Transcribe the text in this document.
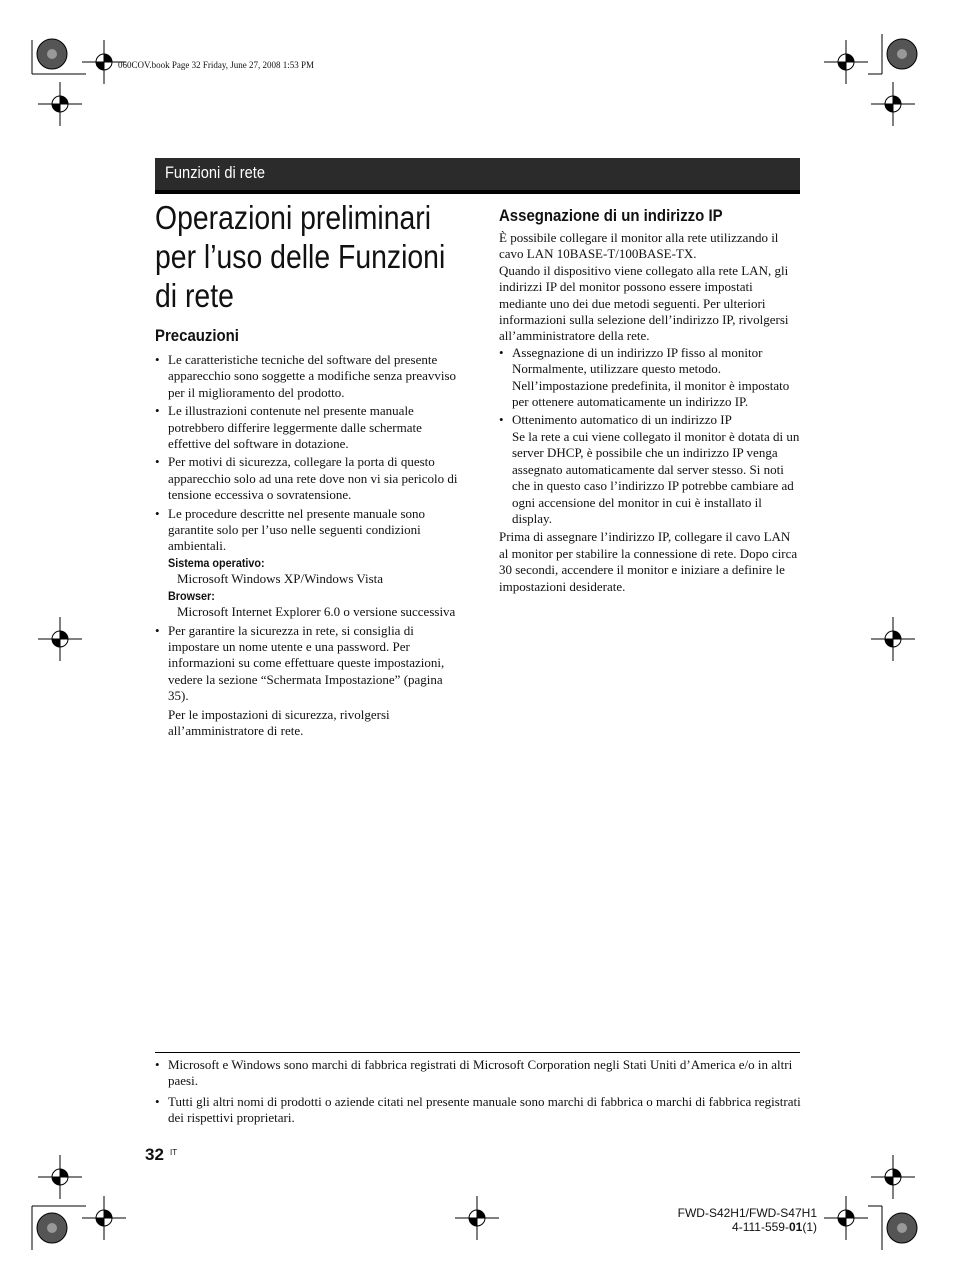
060COV.book Page 32 Friday, June 27, 2008 1:53 PM
Funzioni di rete
Operazioni preliminari
per l’uso delle Funzioni
di rete
Precauzioni
• Le caratteristiche tecniche del software del presente apparecchio sono soggette a modifiche senza preavviso per il miglioramento del prodotto.
• Le illustrazioni contenute nel presente manuale potrebbero differire leggermente dalle schermate effettive del software in dotazione.
• Per motivi di sicurezza, collegare la porta di questo apparecchio solo ad una rete dove non vi sia pericolo di tensione eccessiva o sovratensione.
• Le procedure descritte nel presente manuale sono garantite solo per l’uso nelle seguenti condizioni ambientali.
Sistema operativo:
Microsoft Windows XP/Windows Vista
Browser:
Microsoft Internet Explorer 6.0 o versione successiva
• Per garantire la sicurezza in rete, si consiglia di impostare un nome utente e una password. Per informazioni su come effettuare queste impostazioni, vedere la sezione “Schermata Impostazione” (pagina 35).

Per le impostazioni di sicurezza, rivolgersi all’amministratore di rete.

Assegnazione di un indirizzo IP

È possibile collegare il monitor alla rete utilizzando il cavo LAN 10BASE-T/100BASE-TX.

Quando il dispositivo viene collegato alla rete LAN, gli indirizzi IP del monitor possono essere impostati mediante uno dei due metodi seguenti. Per ulteriori informazioni sulla selezione dell’indirizzo IP, rivolgersi all’amministratore della rete.

• Assegnazione di un indirizzo IP fisso al monitor
Normalmente, utilizzare questo metodo. Nell’impostazione predefinita, il monitor è impostato per ottenere automaticamente un indirizzo IP.
• Ottenimento automatico di un indirizzo IP
Se la rete a cui viene collegato il monitor è dotata di un server DHCP, è possibile che un indirizzo IP venga assegnato automaticamente dal server stesso. Si noti che in questo caso l’indirizzo IP potrebbe cambiare ad ogni accensione del monitor in cui è installato il display.

Prima di assegnare l’indirizzo IP, collegare il cavo LAN al monitor per stabilire la connessione di rete. Dopo circa 30 secondi, accendere il monitor e iniziare a definire le impostazioni desiderate.

• Microsoft e Windows sono marchi di fabbrica registrati di Microsoft Corporation negli Stati Uniti d’America e/o in altri paesi.
• Tutti gli altri nomi di prodotti o aziende citati nel presente manuale sono marchi di fabbrica o marchi di fabbrica registrati dei rispettivi proprietari.
32 IT
FWD-S42H1/FWD-S47H1
4-111-559-01(1)
